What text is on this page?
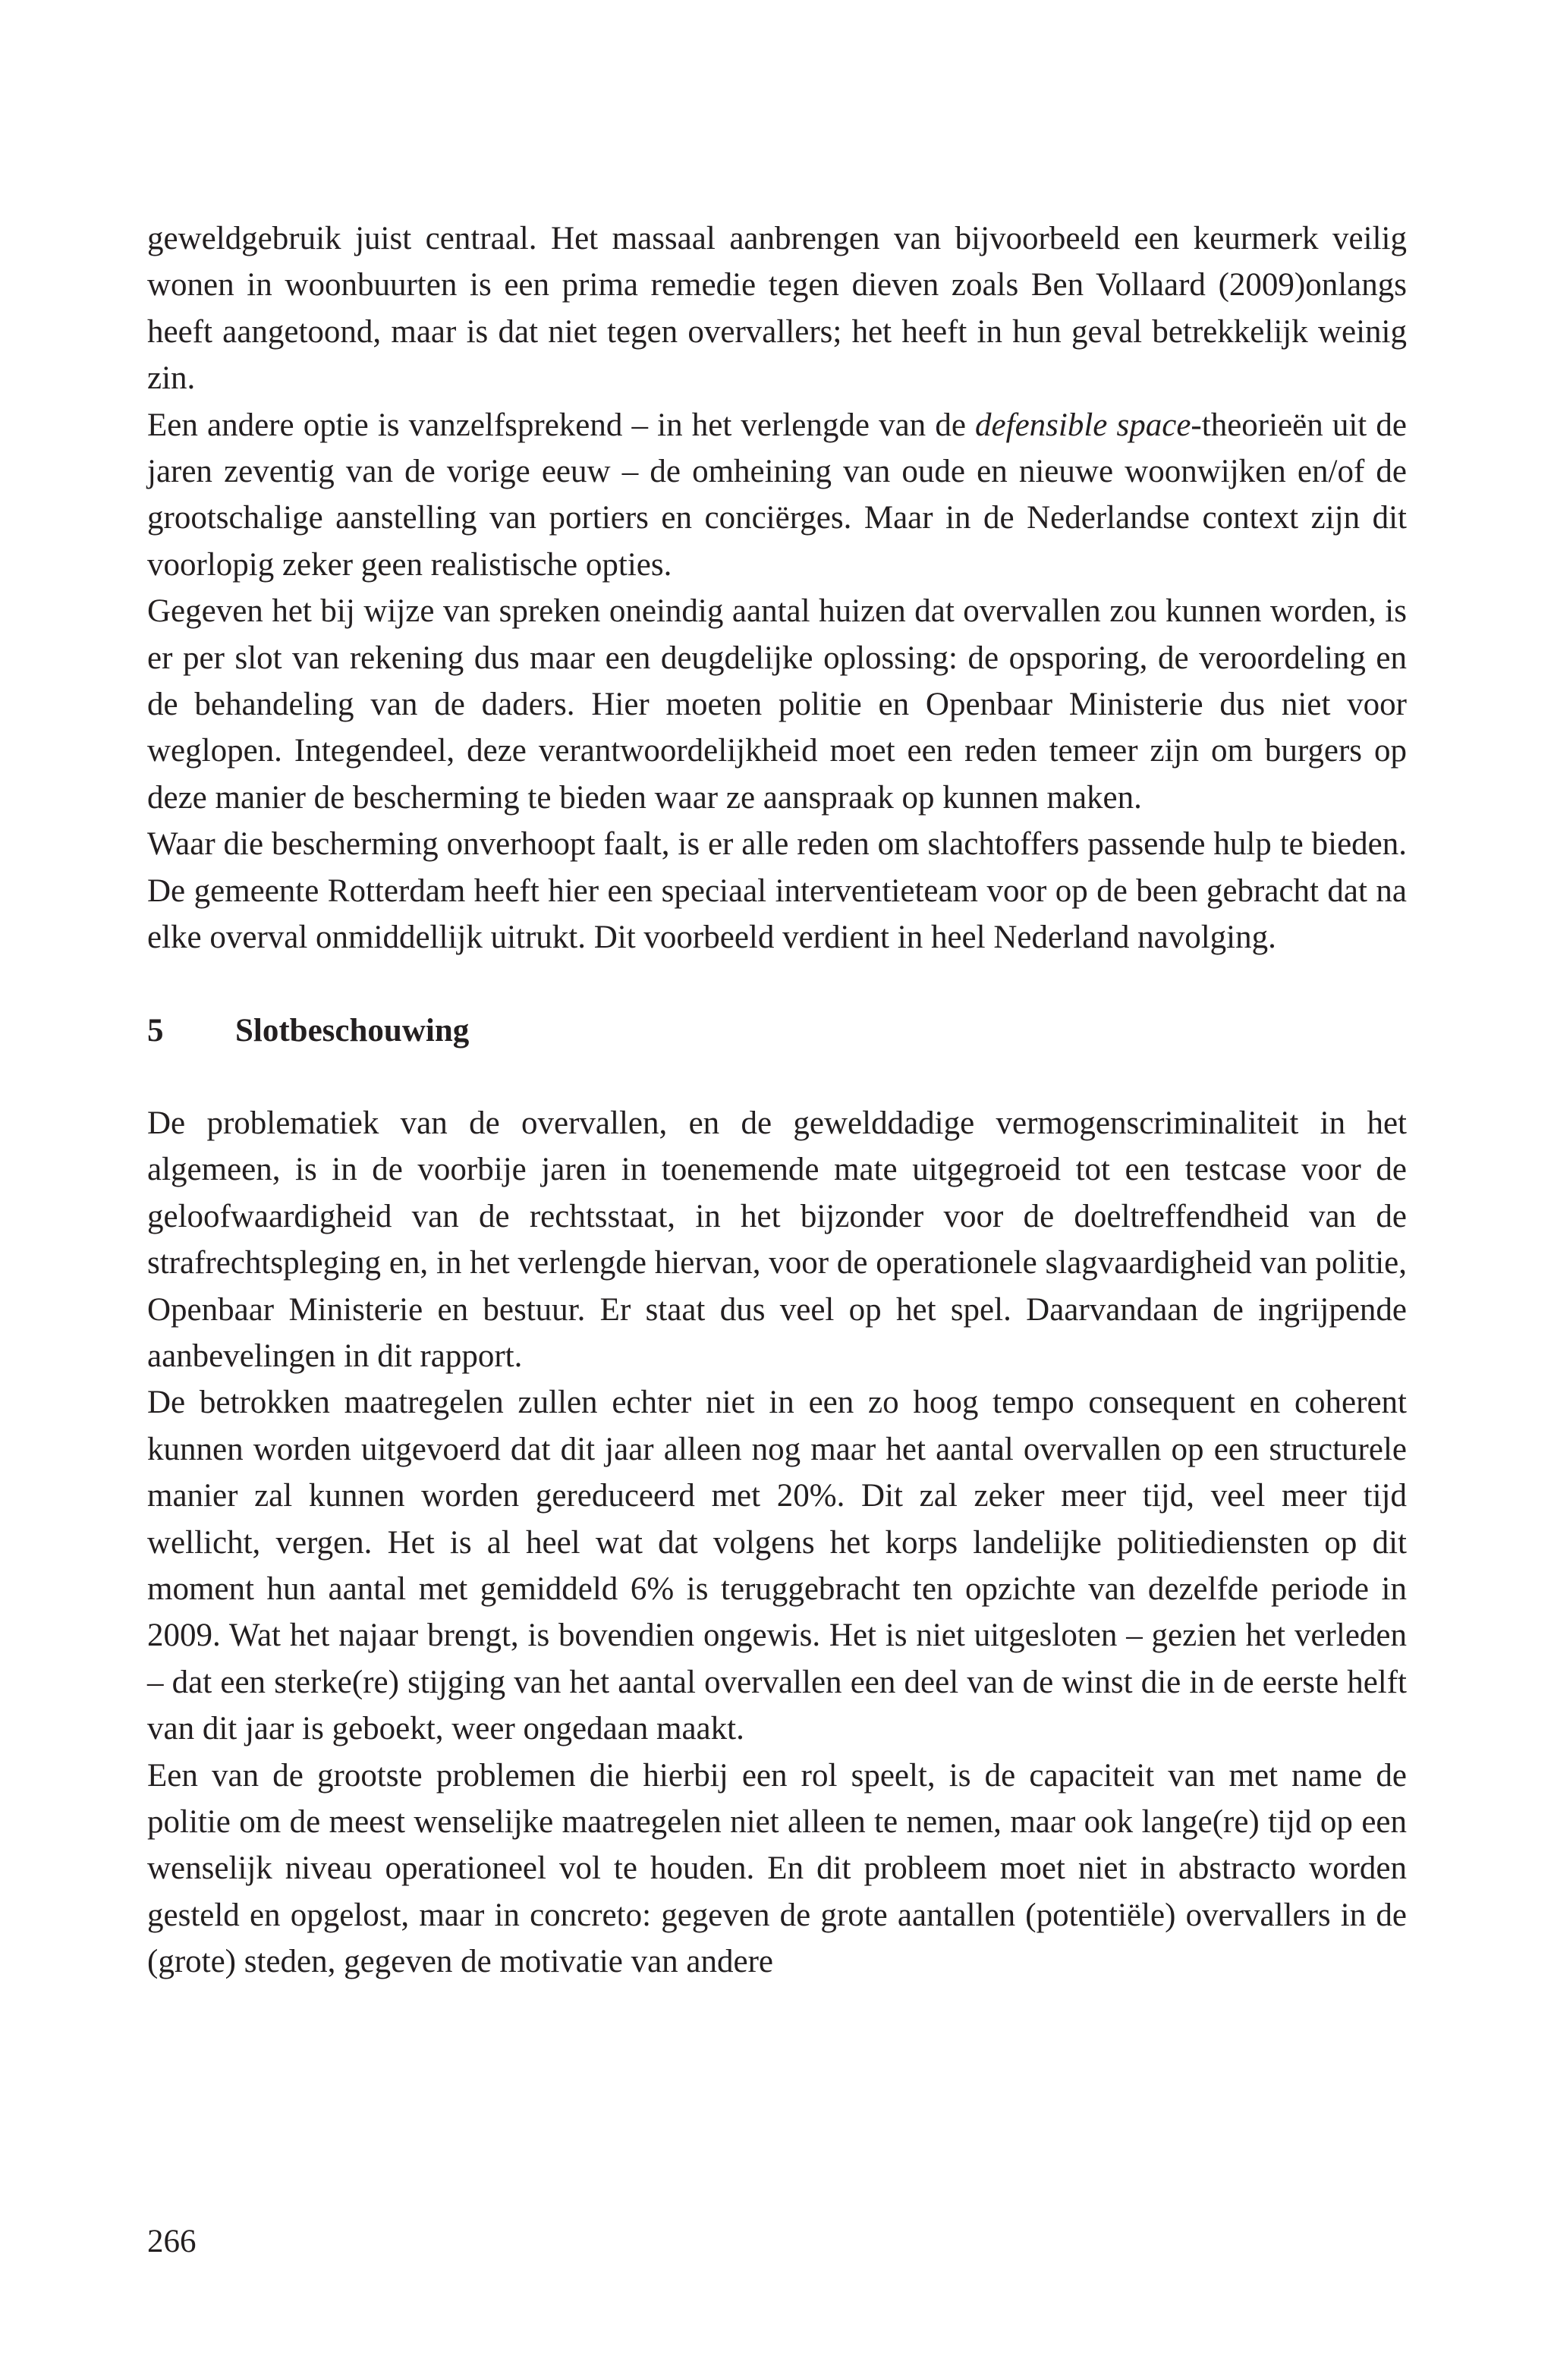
geweldgebruik juist centraal. Het massaal aanbrengen van bijvoorbeeld een keurmerk veilig wonen in woonbuurten is een prima remedie tegen dieven zoals Ben Vollaard (2009)onlangs heeft aangetoond, maar is dat niet tegen overvallers; het heeft in hun geval betrekkelijk weinig zin.

Een andere optie is vanzelfsprekend – in het verlengde van de defensible space-theorieën uit de jaren zeventig van de vorige eeuw – de omheining van oude en nieuwe woonwijken en/of de grootschalige aanstelling van portiers en conciërges. Maar in de Nederlandse context zijn dit voorlopig zeker geen realistische opties.

Gegeven het bij wijze van spreken oneindig aantal huizen dat overvallen zou kunnen worden, is er per slot van rekening dus maar een deugdelijke oplossing: de opsporing, de veroordeling en de behandeling van de daders. Hier moeten politie en Openbaar Ministerie dus niet voor weglopen. Integendeel, deze verantwoordelijkheid moet een reden temeer zijn om burgers op deze manier de bescherming te bieden waar ze aanspraak op kunnen maken.

Waar die bescherming onverhoopt faalt, is er alle reden om slachtoffers passende hulp te bieden. De gemeente Rotterdam heeft hier een speciaal interventieteam voor op de been gebracht dat na elke overval onmiddellijk uitrukt. Dit voorbeeld verdient in heel Nederland navolging.

5	Slotbeschouwing

De problematiek van de overvallen, en de gewelddadige vermogenscriminaliteit in het algemeen, is in de voorbije jaren in toenemende mate uitgegroeid tot een testcase voor de geloofwaardigheid van de rechtsstaat, in het bijzonder voor de doeltreffendheid van de strafrechtspleging en, in het verlengde hiervan, voor de operationele slagvaardigheid van politie, Openbaar Ministerie en bestuur. Er staat dus veel op het spel. Daarvandaan de ingrijpende aanbevelingen in dit rapport.

De betrokken maatregelen zullen echter niet in een zo hoog tempo consequent en coherent kunnen worden uitgevoerd dat dit jaar alleen nog maar het aantal overvallen op een structurele manier zal kunnen worden gereduceerd met 20%. Dit zal zeker meer tijd, veel meer tijd wellicht, vergen. Het is al heel wat dat volgens het korps landelijke politiediensten op dit moment hun aantal met gemiddeld 6% is teruggebracht ten opzichte van dezelfde periode in 2009. Wat het najaar brengt, is bovendien ongewis. Het is niet uitgesloten – gezien het verleden – dat een sterke(re) stijging van het aantal overvallen een deel van de winst die in de eerste helft van dit jaar is geboekt, weer ongedaan maakt.

Een van de grootste problemen die hierbij een rol speelt, is de capaciteit van met name de politie om de meest wenselijke maatregelen niet alleen te nemen, maar ook lange(re) tijd op een wenselijk niveau operationeel vol te houden. En dit probleem moet niet in abstracto worden gesteld en opgelost, maar in concreto: gegeven de grote aantallen (potentiële) overvallers in de (grote) steden, gegeven de motivatie van andere

266
